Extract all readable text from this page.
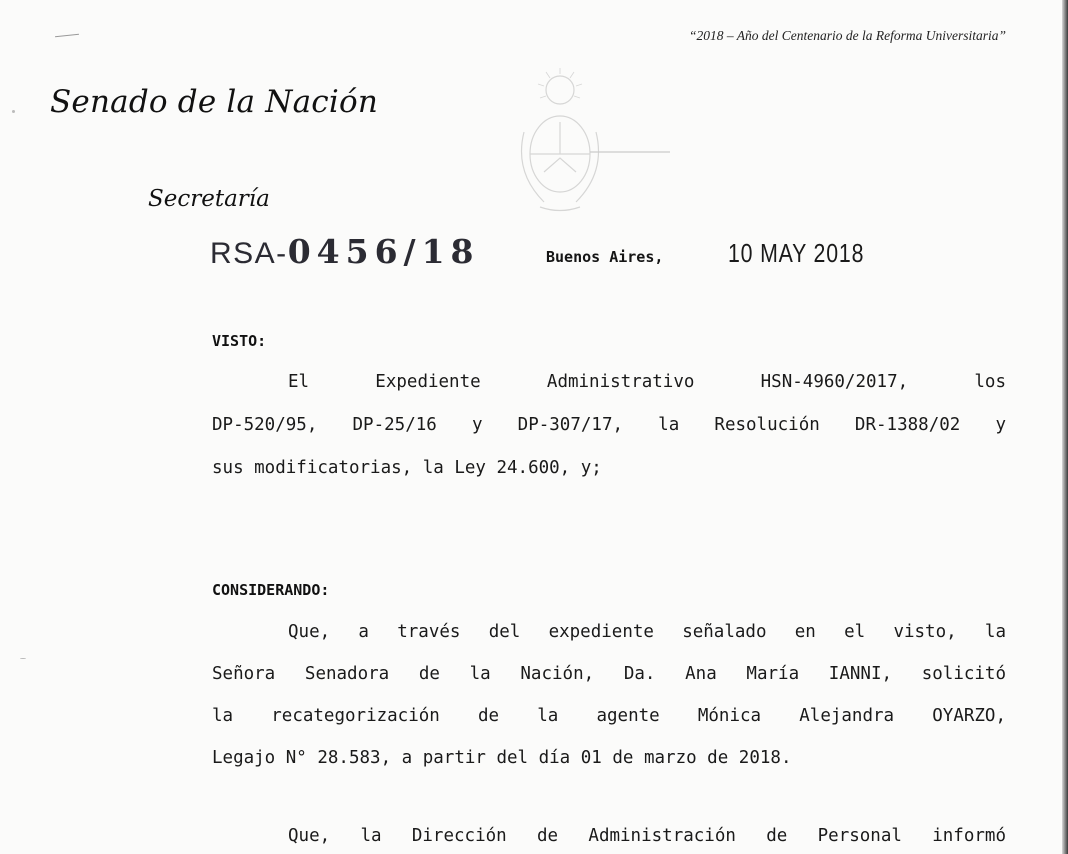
“2018 – Año del Centenario de la Reforma Universitaria”
Senado de la Nación
Secretaría
RSA-0456/18	Buenos Aires, 10 MAY 2018
VISTO:
El Expediente Administrativo HSN-4960/2017, los
DP-520/95, DP-25/16 y DP-307/17, la Resolución DR-1388/02 y
sus modificatorias, la Ley 24.600, y;
CONSIDERANDO:
Que, a través del expediente señalado en el visto, la
Señora Senadora de la Nación, Da. Ana María IANNI, solicitó
la recategorización de la agente Mónica Alejandra OYARZO,
Legajo N° 28.583, a partir del día 01 de marzo de 2018.
Que, la Dirección de Administración de Personal informó
